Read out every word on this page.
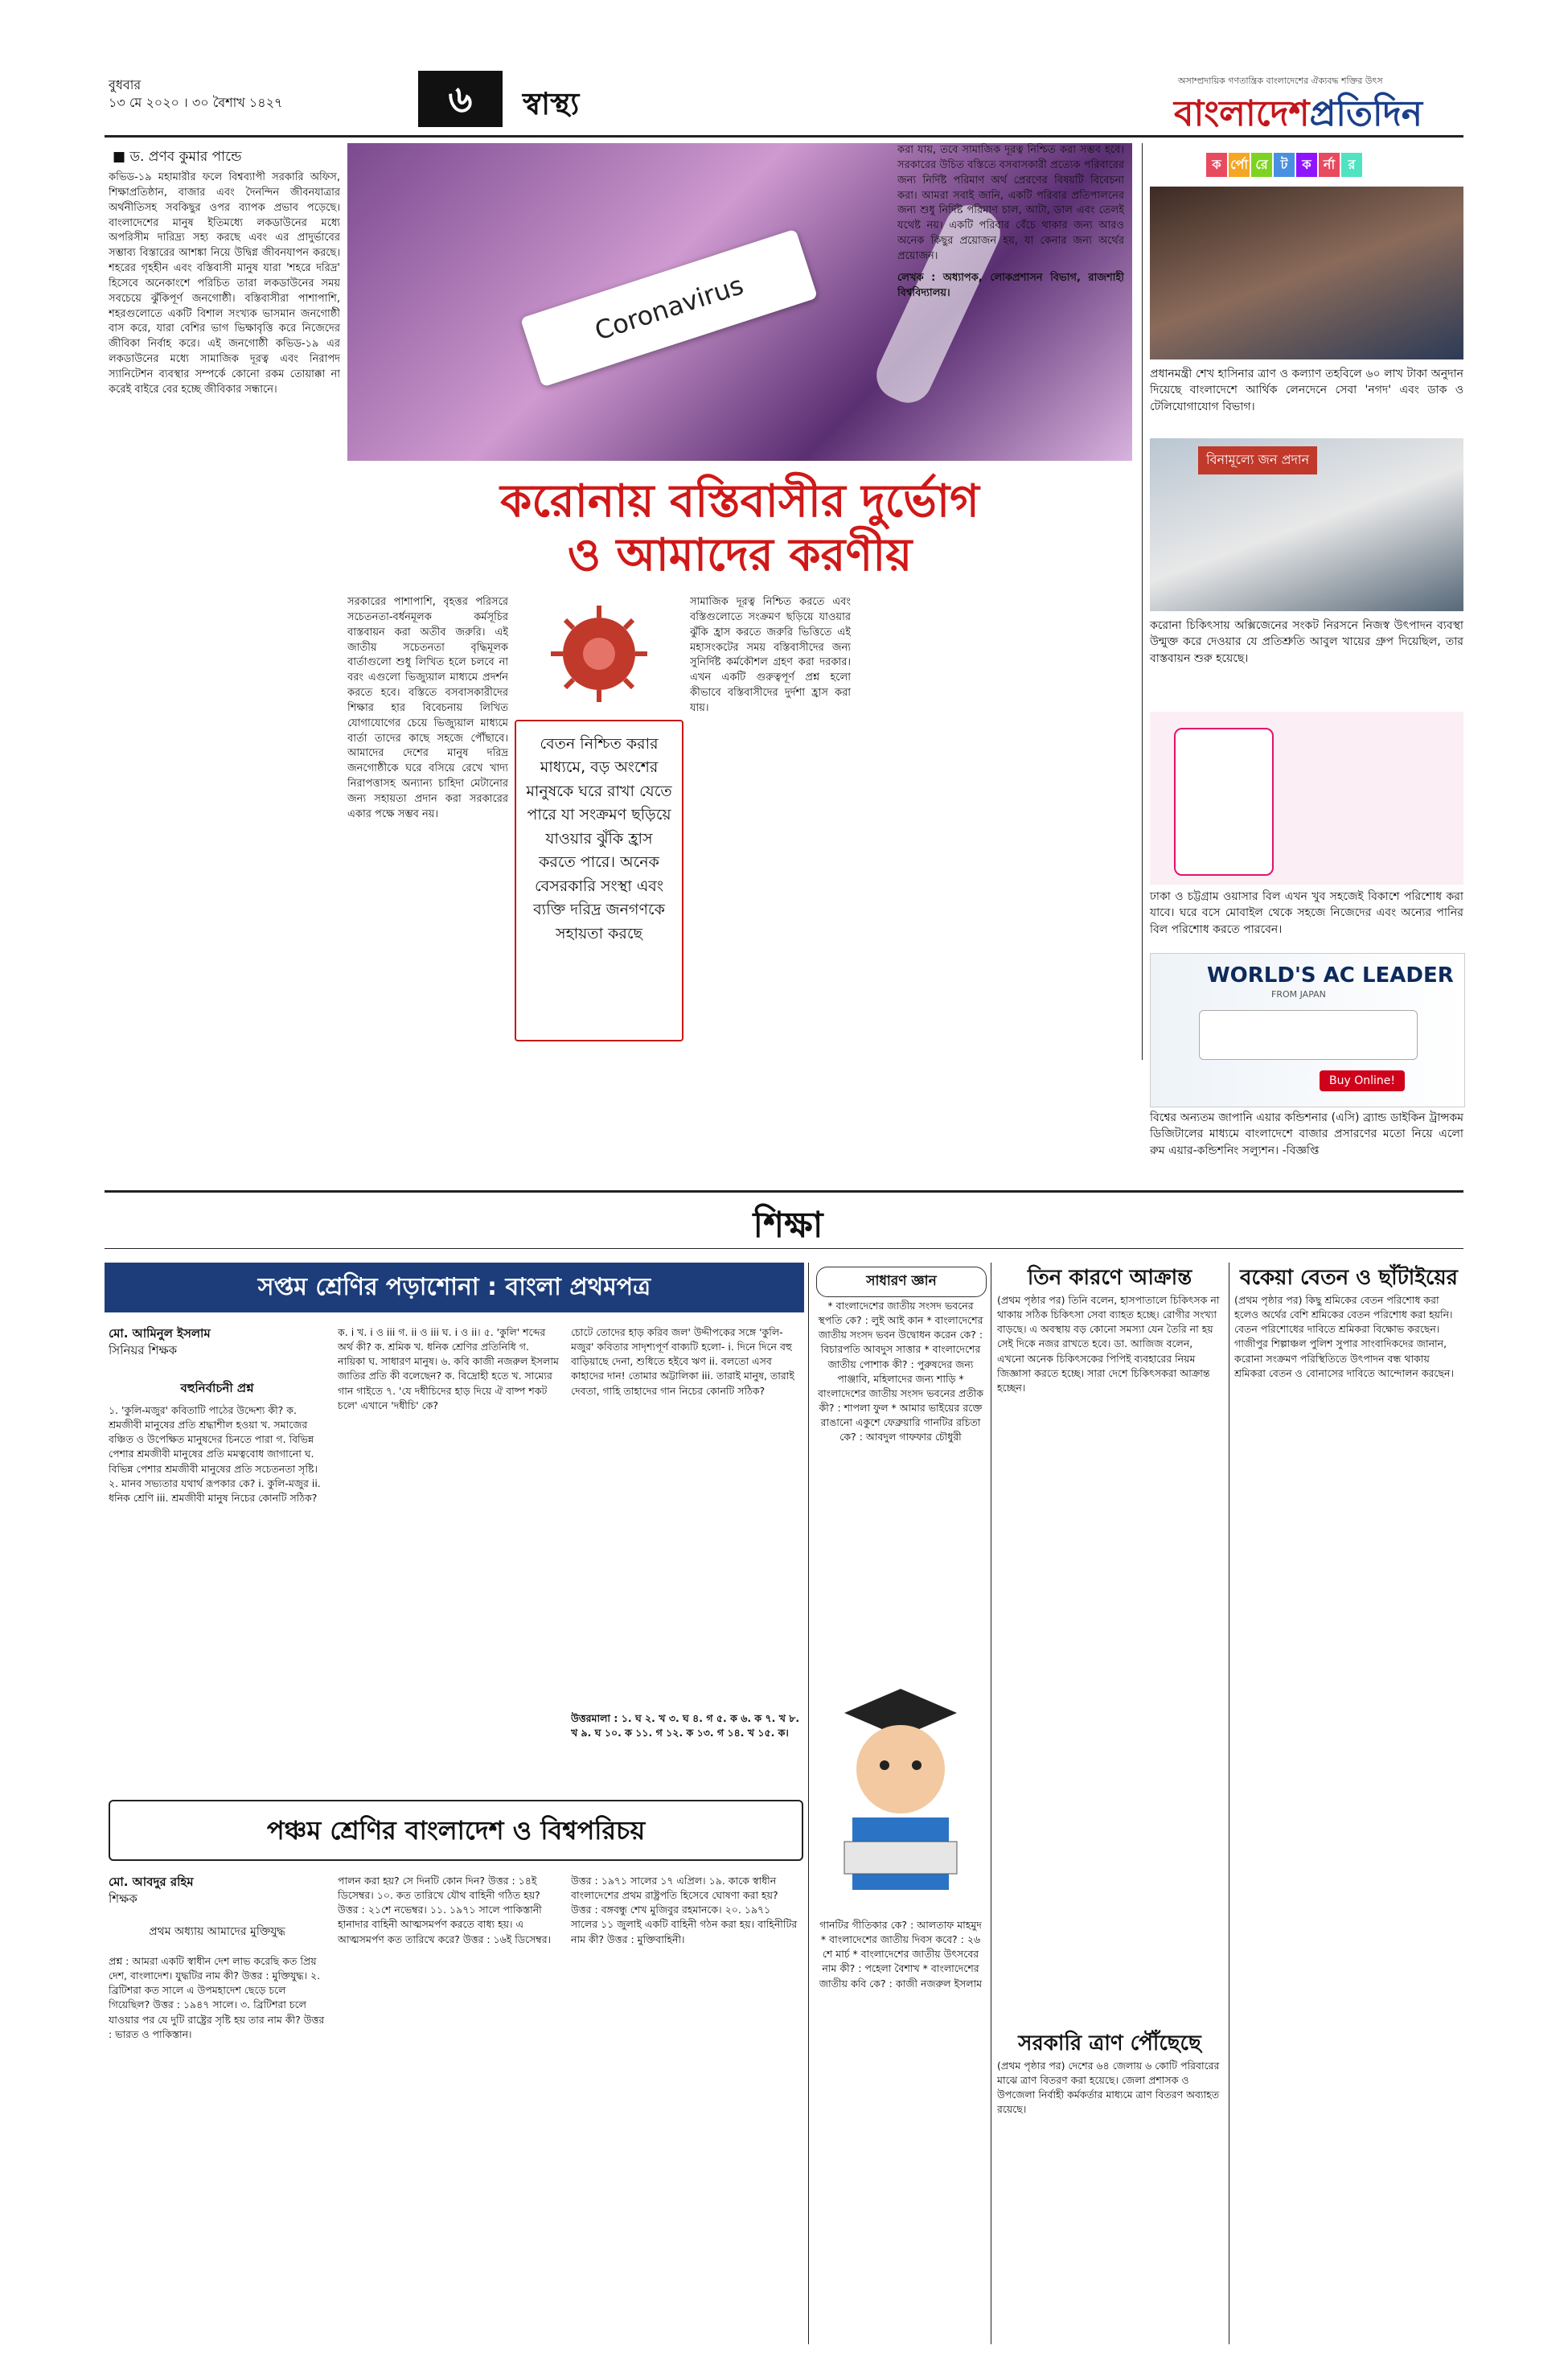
বুধবার
১৩ মে ২০২০ । ৩০ বৈশাখ ১৪২৭	৬	স্বাস্থ্য
অসাম্প্রদায়িক গণতান্ত্রিক বাংলাদেশের ঐক্যবদ্ধ শক্তির উৎস
বাংলাদেশপ্রতিদিন
■ ড. প্রণব কুমার পান্ডে
Coronavirus
কভিড-১৯ মহামারীর ফলে বিশ্বব্যাপী সরকারি অফিস, শিক্ষাপ্রতিষ্ঠান, বাজার এবং দৈনন্দিন জীবনযাত্রার অর্থনীতিসহ সবকিছুর ওপর ব্যাপক প্রভাব পড়েছে। বাংলাদেশের মানুষ ইতিমধ্যে লকডাউনের মধ্যে অপরিসীম দারিদ্র্য সহ্য করছে এবং এর প্রাদুর্ভাবের সম্ভাব্য বিস্তারের আশঙ্কা নিয়ে উদ্বিগ্ন জীবনযাপন করছে। শহরের গৃহহীন এবং বস্তিবাসী মানুষ যারা 'শহরে দরিদ্র' হিসেবে অনেকাংশে পরিচিত তারা লকডাউনের সময় সবচেয়ে ঝুঁকিপূর্ণ জনগোষ্ঠী। বস্তিবাসীরা পাশাপাশি, শহরগুলোতে একটি বিশাল সংখ্যক ভাসমান জনগোষ্ঠী বাস করে, যারা বেশির ভাগ ভিক্ষাবৃত্তি করে নিজেদের জীবিকা নির্বাহ করে। এই জনগোষ্ঠী কভিড-১৯ এর লকডাউনের মধ্যে সামাজিক দূরত্ব এবং নিরাপদ স্যানিটেশন ব্যবস্থার সম্পর্কে কোনো রকম তোয়াক্কা না করেই বাইরে বের হচ্ছে জীবিকার সন্ধানে।
করোনায় বস্তিবাসীর দুর্ভোগ
ও আমাদের করণীয়
সরকারের পাশাপাশি, বৃহত্তর পরিসরে সচেতনতা-বর্ধনমূলক কর্মসূচির বাস্তবায়ন করা অতীব জরুরি। এই জাতীয় সচেতনতা বৃদ্ধিমূলক বার্তাগুলো শুধু লিখিত হলে চলবে না বরং এগুলো ভিজ্যুয়াল মাধ্যমে প্রদর্শন করতে হবে। বস্তিতে বসবাসকারীদের শিক্ষার হার বিবেচনায় লিখিত যোগাযোগের চেয়ে ভিজ্যুয়াল মাধ্যমে বার্তা তাদের কাছে সহজে পৌঁছাবে। আমাদের দেশের মানুষ দরিদ্র জনগোষ্ঠীকে ঘরে বসিয়ে রেখে খাদ্য নিরাপত্তাসহ অন্যান্য চাহিদা মেটানোর জন্য সহায়তা প্রদান করা সরকারের একার পক্ষে সম্ভব নয়।
বেতন নিশ্চিত করার মাধ্যমে, বড় অংশের মানুষকে ঘরে রাখা যেতে পারে যা সংক্রমণ ছড়িয়ে যাওয়ার ঝুঁকি হ্রাস করতে পারে। অনেক বেসরকারি সংস্থা এবং ব্যক্তি দরিদ্র জনগণকে সহায়তা করছে
সামাজিক দূরত্ব নিশ্চিত করতে এবং বস্তিগুলোতে সংক্রমণ ছড়িয়ে যাওয়ার ঝুঁকি হ্রাস করতে জরুরি ভিত্তিতে এই মহাসংকটের সময় বস্তিবাসীদের জন্য সুনির্দিষ্ট কর্মকৌশল গ্রহণ করা দরকার। এখন একটি গুরুত্বপূর্ণ প্রশ্ন হলো কীভাবে বস্তিবাসীদের দুর্দশা হ্রাস করা যায়।
করা যায়, তবে সামাজিক দূরত্ব নিশ্চিত করা সম্ভব হবে। সরকারের উচিত বস্তিতে বসবাসকারী প্রত্যেক পরিবারের জন্য নির্দিষ্ট পরিমাণ অর্থ প্রেরণের বিষয়টি বিবেচনা করা। আমরা সবাই জানি, একটি পরিবার প্রতিপালনের জন্য শুধু নির্দিষ্ট পরিমাণ চাল, আটা, ডাল এবং তেলই যথেষ্ট নয়। একটি পরিবার বেঁচে থাকার জন্য আরও অনেক কিছুর প্রয়োজন হয়, যা কেনার জন্য অর্থের প্রয়োজন।
লেখক : অধ্যাপক, লোকপ্রশাসন বিভাগ, রাজশাহী বিশ্ববিদ্যালয়।
ক র্পো রে ট ক র্না র
প্রধানমন্ত্রী শেখ হাসিনার ত্রাণ ও কল্যাণ তহবিলে ৬০ লাখ টাকা অনুদান দিয়েছে বাংলাদেশে আর্থিক লেনদেনে সেবা 'নগদ' এবং ডাক ও টেলিযোগাযোগ বিভাগ।
বিনামূল্যে জন প্রদান
করোনা চিকিৎসায় অক্সিজেনের সংকট নিরসনে নিজস্ব উৎপাদন ব্যবস্থা উন্মুক্ত করে দেওয়ার যে প্রতিশ্রুতি আবুল খায়ের গ্রুপ দিয়েছিল, তার বাস্তবায়ন শুরু হয়েছে।
ঢাকা ও চট্টগ্রাম ওয়াসার বিল এখন খুব সহজেই বিকাশে পরিশোধ করা যাবে। ঘরে বসে মোবাইল থেকে সহজে নিজেদের এবং অন্যের পানির বিল পরিশোধ করতে পারবেন।
WORLD'S AC LEADER
FROM JAPAN
Buy Online!
বিশ্বের অন্যতম জাপানি এয়ার কন্ডিশনার (এসি) ব্র্যান্ড ডাইকিন ট্রান্সকম ডিজিটালের মাধ্যমে বাংলাদেশে বাজার প্রসারণের মতো নিয়ে এলো রুম এয়ার-কন্ডিশনিং সল্যুশন। -বিজ্ঞপ্তি
শিক্ষা
সপ্তম শ্রেণির পড়াশোনা : বাংলা প্রথমপত্র
মো. আমিনুল ইসলাম
সিনিয়র শিক্ষক
বহুনির্বাচনী প্রশ্ন
১. 'কুলি-মজুর' কবিতাটি পাঠের উদ্দেশ্য কী? ক. শ্রমজীবী মানুষের প্রতি শ্রদ্ধাশীল হওয়া খ. সমাজের বঞ্চিত ও উপেক্ষিত মানুষদের চিনতে পারা গ. বিভিন্ন পেশার শ্রমজীবী মানুষের প্রতি মমত্ববোধ জাগানো ঘ. বিভিন্ন পেশার শ্রমজীবী মানুষের প্রতি সচেতনতা সৃষ্টি। ২. মানব সভ্যতার যথার্থ রূপকার কে? i. কুলি-মজুর ii. ধনিক শ্রেণি iii. শ্রমজীবী মানুষ নিচের কোনটি সঠিক?
ক. i খ. i ও iii গ. ii ও iii ঘ. i ও ii। ৫. 'কুলি' শব্দের অর্থ কী? ক. শ্রমিক খ. ধনিক শ্রেণির প্রতিনিধি গ. নায়িকা ঘ. সাধারণ মানুষ। ৬. কবি কাজী নজরুল ইসলাম জাতির প্রতি কী বলেছেন? ক. বিদ্রোহী হতে খ. সাম্যের গান গাইতে ৭. 'যে দধীচিদের হাড় দিয়ে ঐ বাষ্প শকট চলে' এখানে 'দধীচি' কে?
চোটে তোদের হাড় করিব জল' উদ্দীপকের সঙ্গে 'কুলি-মজুর' কবিতার সাদৃশ্যপূর্ণ বাক্যটি হলো- i. দিনে দিনে বহু বাড়িয়াছে দেনা, শুধিতে হইবে ঋণ ii. বলতো এসব কাহাদের দান! তোমার অট্টালিকা iii. তারাই মানুষ, তারাই দেবতা, গাহি তাহাদের গান নিচের কোনটি সঠিক?
উত্তরমালা : ১. ঘ ২. খ ৩. ঘ ৪. গ ৫. ক ৬. ক ৭. খ ৮. খ ৯. ঘ ১০. ক ১১. গ ১২. ক ১৩. গ ১৪. খ ১৫. ক।
পঞ্চম শ্রেণির বাংলাদেশ ও বিশ্বপরিচয়
মো. আবদুর রহিম
শিক্ষক
প্রথম অধ্যায় আমাদের মুক্তিযুদ্ধ
প্রশ্ন : আমরা একটি স্বাধীন দেশ লাভ করেছি কত প্রিয় দেশ, বাংলাদেশ। যুদ্ধটির নাম কী? উত্তর : মুক্তিযুদ্ধ। ২. ব্রিটিশরা কত সালে এ উপমহাদেশ ছেড়ে চলে গিয়েছিল? উত্তর : ১৯৪৭ সালে। ৩. ব্রিটিশরা চলে যাওয়ার পর যে দুটি রাষ্ট্রের সৃষ্টি হয় তার নাম কী? উত্তর : ভারত ও পাকিস্তান।
পালন করা হয়? সে দিনটি কোন দিন? উত্তর : ১৪ই ডিসেম্বর। ১০. কত তারিখে যৌথ বাহিনী গঠিত হয়? উত্তর : ২১শে নভেম্বর। ১১. ১৯৭১ সালে পাকিস্তানী হানাদার বাহিনী আত্মসমর্পণ করতে বাধ্য হয়। এ আত্মসমর্পণ কত তারিখে করে? উত্তর : ১৬ই ডিসেম্বর।
উত্তর : ১৯৭১ সালের ১৭ এপ্রিল। ১৯. কাকে স্বাধীন বাংলাদেশের প্রথম রাষ্ট্রপতি হিসেবে ঘোষণা করা হয়? উত্তর : বঙ্গবন্ধু শেখ মুজিবুর রহমানকে। ২০. ১৯৭১ সালের ১১ জুলাই একটি বাহিনী গঠন করা হয়। বাহিনীটির নাম কী? উত্তর : মুক্তিবাহিনী।
সাধারণ জ্ঞান
* বাংলাদেশের জাতীয় সংসদ ভবনের স্থপতি কে? : লুই আই কান * বাংলাদেশের জাতীয় সংসদ ভবন উদ্বোধন করেন কে? : বিচারপতি আবদুস সাত্তার * বাংলাদেশের জাতীয় পোশাক কী? : পুরুষদের জন্য পাঞ্জাবি, মহিলাদের জন্য শাড়ি * বাংলাদেশের জাতীয় সংসদ ভবনের প্রতীক কী? : শাপলা ফুল * আমার ভাইয়ের রক্তে রাঙানো একুশে ফেব্রুয়ারি গানটির রচিতা কে? : আবদুল গাফফার চৌধুরী
গানটির গীতিকার কে? : আলতাফ মাহমুদ * বাংলাদেশের জাতীয় দিবস কবে? : ২৬ শে মার্চ * বাংলাদেশের জাতীয় উৎসবের নাম কী? : পহেলা বৈশাখ * বাংলাদেশের জাতীয় কবি কে? : কাজী নজরুল ইসলাম
তিন কারণে আক্রান্ত
(প্রথম পৃষ্ঠার পর) তিনি বলেন, হাসপাতালে চিকিৎসক না থাকায় সঠিক চিকিৎসা সেবা ব্যাহত হচ্ছে। রোগীর সংখ্যা বাড়ছে। এ অবস্থায় বড় কোনো সমস্যা যেন তৈরি না হয় সেই দিকে নজর রাখতে হবে। ডা. আজিজ বলেন, এখনো অনেক চিকিৎসকের পিপিই ব্যবহারের নিয়ম জিজ্ঞাসা করতে হচ্ছে। সারা দেশে চিকিৎসকরা আক্রান্ত হচ্ছেন।
সরকারি ত্রাণ পৌঁছেছে
(প্রথম পৃষ্ঠার পর) দেশের ৬৪ জেলায় ৬ কোটি পরিবারের মাঝে ত্রাণ বিতরণ করা হয়েছে। জেলা প্রশাসক ও উপজেলা নির্বাহী কর্মকর্তার মাধ্যমে ত্রাণ বিতরণ অব্যাহত রয়েছে।
বকেয়া বেতন ও ছাঁটাইয়ের
(প্রথম পৃষ্ঠার পর) কিছু শ্রমিকের বেতন পরিশোধ করা হলেও অর্থের বেশি শ্রমিকের বেতন পরিশোধ করা হয়নি। বেতন পরিশোধের দাবিতে শ্রমিকরা বিক্ষোভ করছেন। গাজীপুর শিল্পাঞ্চল পুলিশ সুপার সাংবাদিকদের জানান, করোনা সংক্রমণ পরিস্থিতিতে উৎপাদন বন্ধ থাকায় শ্রমিকরা বেতন ও বোনাসের দাবিতে আন্দোলন করছেন।
